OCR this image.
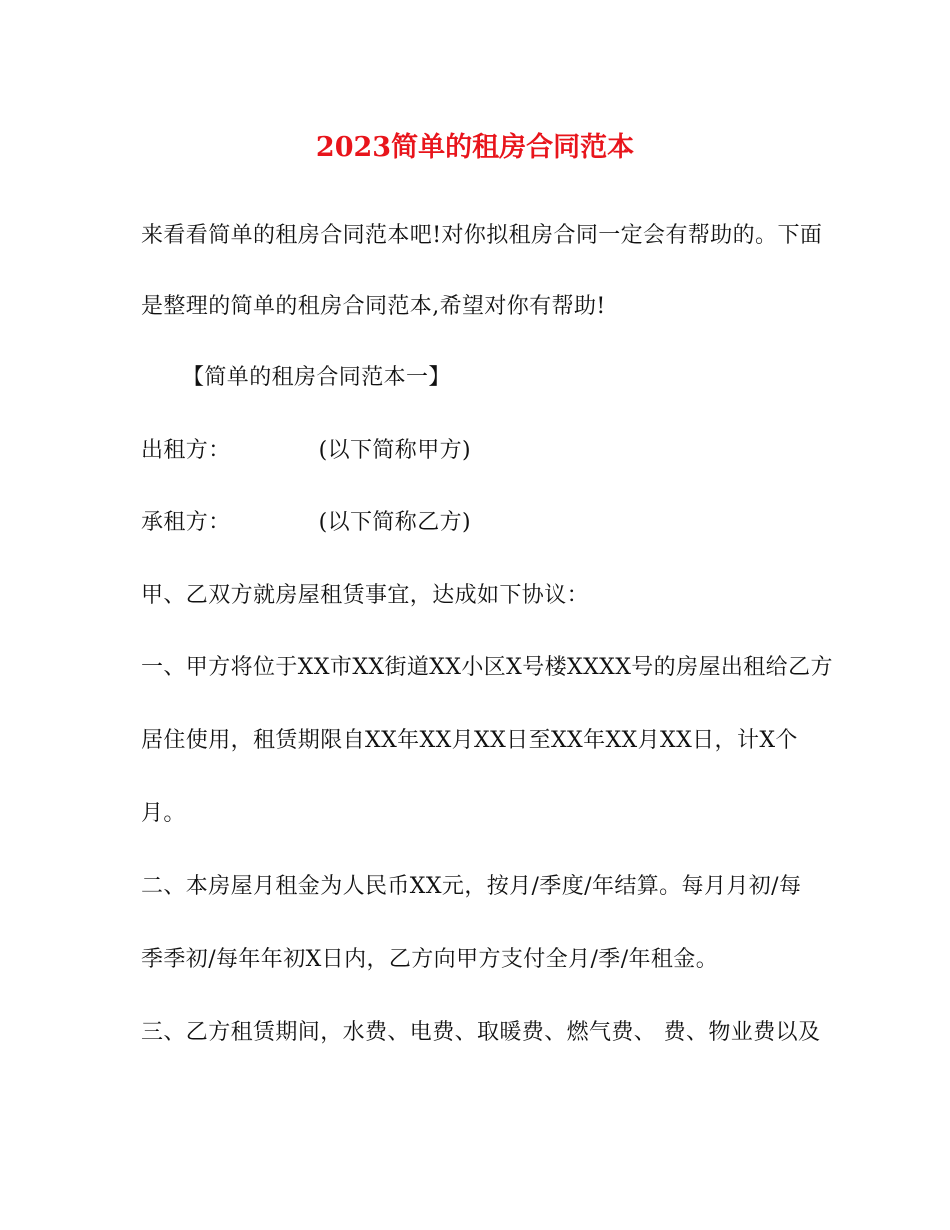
2023简单的租房合同范本
来看看简单的租房合同范本吧!对你拟租房合同一定会有帮助的。下面
是整理的简单的租房合同范本,希望对你有帮助!
【简单的租房合同范本一】
出租方：	(以下简称甲方)
承租方：	(以下简称乙方)
甲、乙双方就房屋租赁事宜，达成如下协议：
一、甲方将位于XX市XX街道XX小区X号楼XXXX号的房屋出租给乙方
居住使用，租赁期限自XX年XX月XX日至XX年XX月XX日，计X个
月。
二、本房屋月租金为人民币XX元，按月/季度/年结算。每月月初/每
季季初/每年年初X日内，乙方向甲方支付全月/季/年租金。
三、乙方租赁期间，水费、电费、取暖费、燃气费、 费、物业费以及
